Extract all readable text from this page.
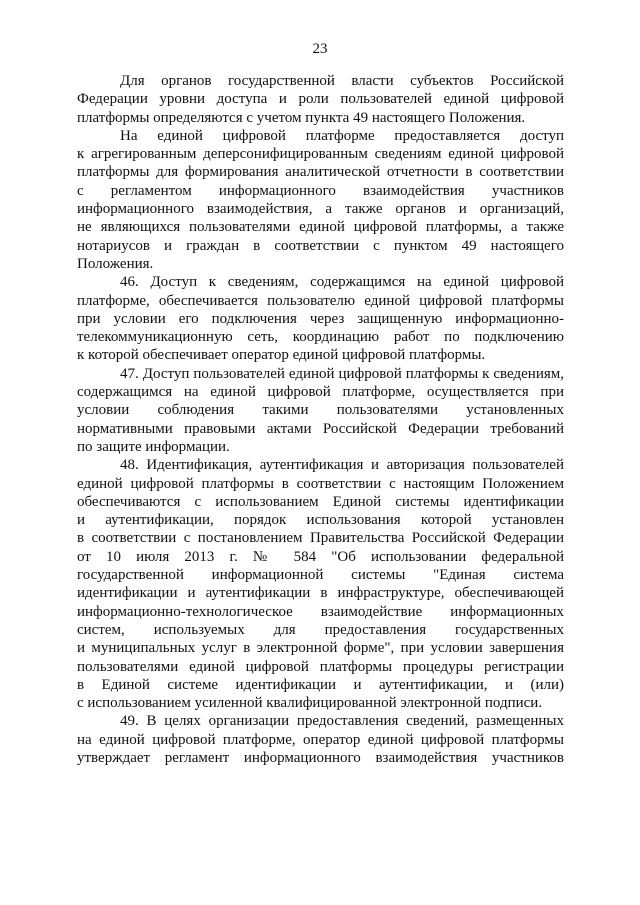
23
Для органов государственной власти субъектов Российской
Федерации уровни доступа и роли пользователей единой цифровой
платформы определяются с учетом пункта 49 настоящего Положения.
На единой цифровой платформе предоставляется доступ
к агрегированным деперсонифицированным сведениям единой цифровой
платформы для формирования аналитической отчетности в соответствии
с регламентом информационного взаимодействия участников
информационного взаимодействия, а также органов и организаций,
не являющихся пользователями единой цифровой платформы, а также
нотариусов и граждан в соответствии с пунктом 49 настоящего
Положения.
46. Доступ к сведениям, содержащимся на единой цифровой
платформе, обеспечивается пользователю единой цифровой платформы
при условии его подключения через защищенную информационно-
телекоммуникационную сеть, координацию работ по подключению
к которой обеспечивает оператор единой цифровой платформы.
47. Доступ пользователей единой цифровой платформы к сведениям,
содержащимся на единой цифровой платформе, осуществляется при
условии соблюдения такими пользователями установленных
нормативными правовыми актами Российской Федерации требований
по защите информации.
48. Идентификация, аутентификация и авторизация пользователей
единой цифровой платформы в соответствии с настоящим Положением
обеспечиваются с использованием Единой системы идентификации
и аутентификации, порядок использования которой установлен
в соответствии с постановлением Правительства Российской Федерации
от 10 июля 2013 г. № 584 "Об использовании федеральной
государственной информационной системы "Единая система
идентификации и аутентификации в инфраструктуре, обеспечивающей
информационно-технологическое взаимодействие информационных
систем, используемых для предоставления государственных
и муниципальных услуг в электронной форме", при условии завершения
пользователями единой цифровой платформы процедуры регистрации
в Единой системе идентификации и аутентификации, и (или)
с использованием усиленной квалифицированной электронной подписи.
49. В целях организации предоставления сведений, размещенных
на единой цифровой платформе, оператор единой цифровой платформы
утверждает регламент информационного взаимодействия участников
